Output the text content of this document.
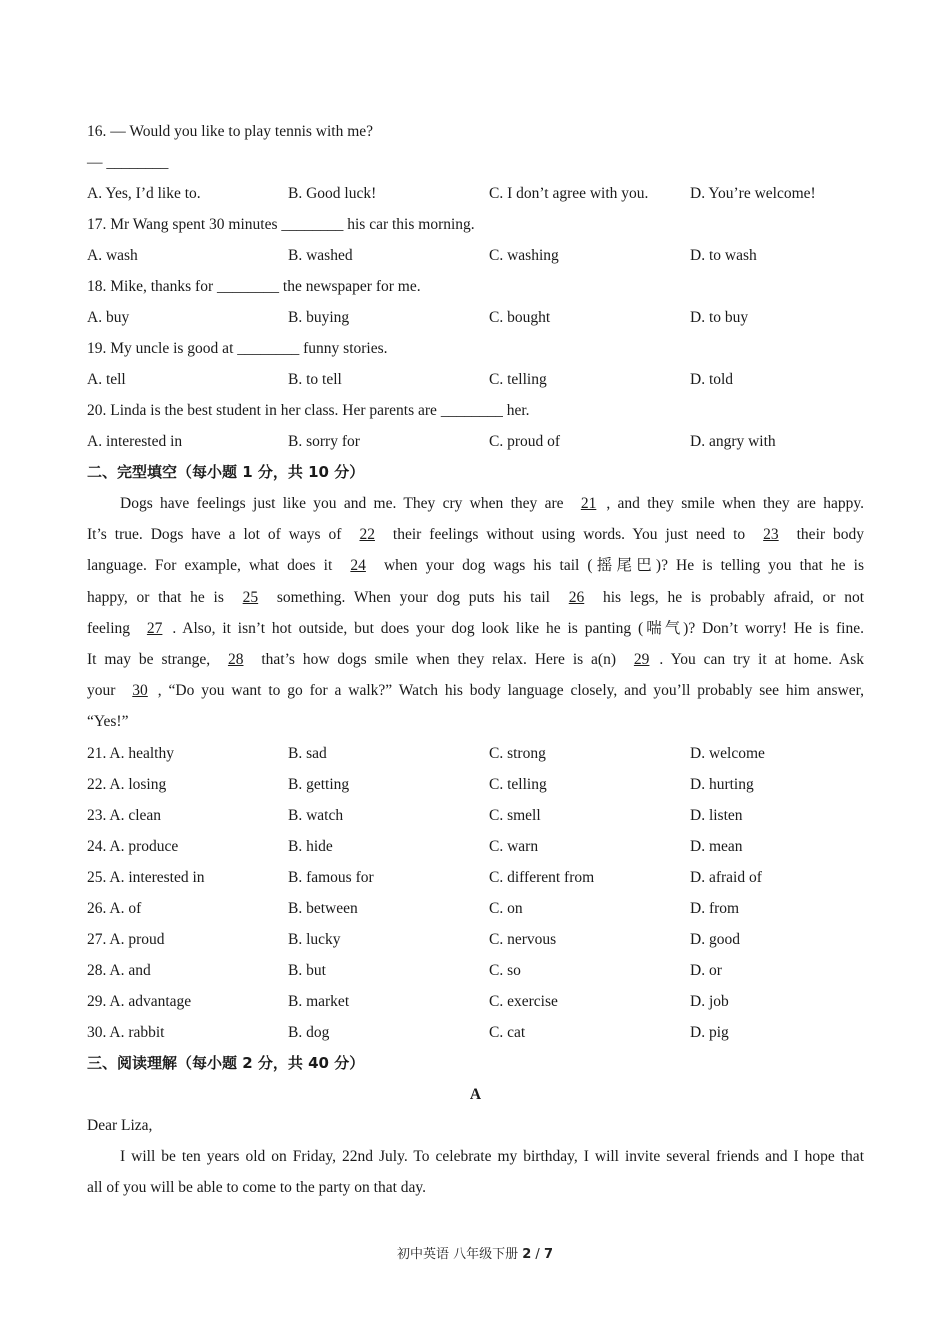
16. — Would you like to play tennis with me?
— ________
A. Yes, I’d like to.	B. Good luck!	C. I don’t agree with you.	D. You’re welcome!
17. Mr Wang spent 30 minutes ________ his car this morning.
A. wash	B. washed	C. washing	D. to wash
18. Mike, thanks for ________ the newspaper for me.
A. buy	B. buying	C. bought	D. to buy
19. My uncle is good at ________ funny stories.
A. tell	B. to tell	C. telling	D. told
20. Linda is the best student in her class. Her parents are ________ her.
A. interested in	B. sorry for	C. proud of	D. angry with
二、完型填空（每小题 1 分，共 10 分）
Dogs have feelings just like you and me. They cry when they are 21 , and they smile when they are happy.
It’s true. Dogs have a lot of ways of 22 their feelings without using words. You just need to 23 their body
language. For example, what does it 24 when your dog wags his tail (摇尾巴)? He is telling you that he is
happy, or that he is 25 something. When your dog puts his tail 26 his legs, he is probably afraid, or not
feeling 27 . Also, it isn’t hot outside, but does your dog look like he is panting (喘气)? Don’t worry! He is fine.
It may be strange, 28 that’s how dogs smile when they relax. Here is a(n) 29 . You can try it at home. Ask
your 30 , “Do you want to go for a walk?” Watch his body language closely, and you’ll probably see him answer,
“Yes!”
21. A. healthy	B. sad	C. strong	D. welcome
22. A. losing	B. getting	C. telling	D. hurting
23. A. clean	B. watch	C. smell	D. listen
24. A. produce	B. hide	C. warn	D. mean
25. A. interested in	B. famous for	C. different from	D. afraid of
26. A. of	B. between	C. on	D. from
27. A. proud	B. lucky	C. nervous	D. good
28. A. and	B. but	C. so	D. or
29. A. advantage	B. market	C. exercise	D. job
30. A. rabbit	B. dog	C. cat	D. pig
三、阅读理解（每小题 2 分，共 40 分）
A
Dear Liza,
I will be ten years old on Friday, 22nd July. To celebrate my birthday, I will invite several friends and I hope that
all of you will be able to come to the party on that day.
初中英语 八年级下册 2 / 7
